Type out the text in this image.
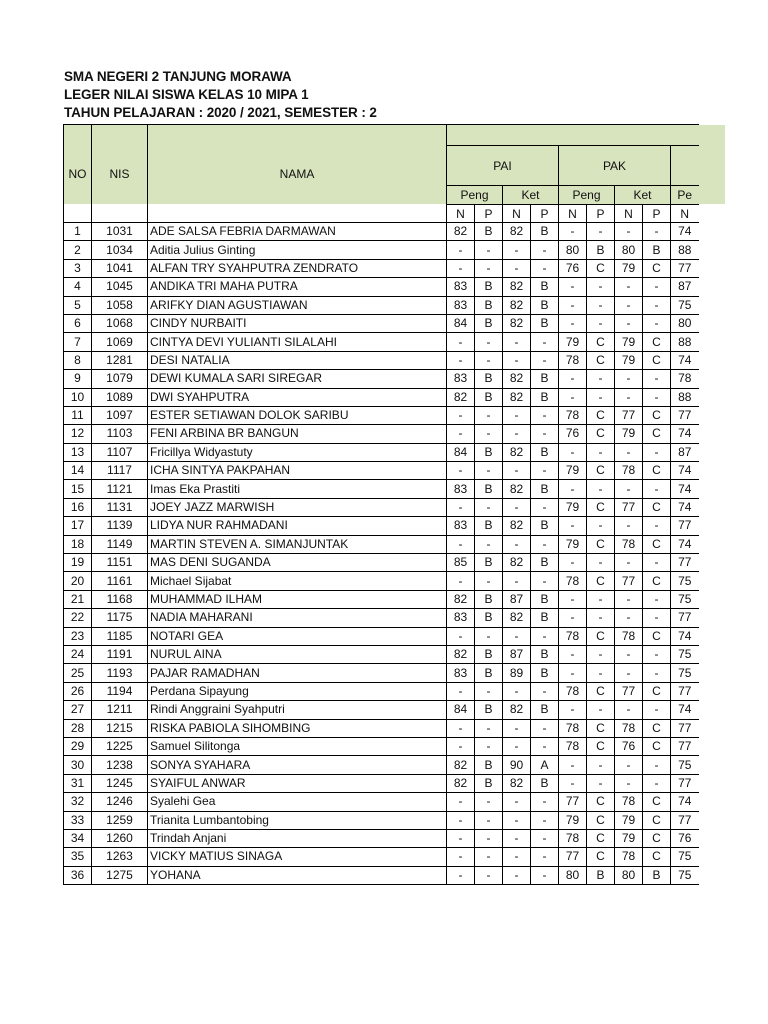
SMA NEGERI 2 TANJUNG MORAWA
LEGER NILAI SISWA KELAS 10 MIPA 1
TAHUN PELAJARAN : 2020 / 2021, SEMESTER : 2
NO	NIS	NAMA									
			PAI				PAK				
			Peng		Ket		Peng		Ket		Pe
			N	P	N	P	N	P	N	P	N
1	1031	ADE SALSA FEBRIA DARMAWAN	82	B	82	B	-	-	-	-	74
2	1034	Aditia Julius Ginting	-	-	-	-	80	B	80	B	88
3	1041	ALFAN TRY SYAHPUTRA ZENDRATO	-	-	-	-	76	C	79	C	77
4	1045	ANDIKA TRI MAHA PUTRA	83	B	82	B	-	-	-	-	87
5	1058	ARIFKY DIAN AGUSTIAWAN	83	B	82	B	-	-	-	-	75
6	1068	CINDY NURBAITI	84	B	82	B	-	-	-	-	80
7	1069	CINTYA DEVI YULIANTI SILALAHI	-	-	-	-	79	C	79	C	88
8	1281	DESI NATALIA	-	-	-	-	78	C	79	C	74
9	1079	DEWI KUMALA SARI SIREGAR	83	B	82	B	-	-	-	-	78
10	1089	DWI SYAHPUTRA	82	B	82	B	-	-	-	-	88
11	1097	ESTER SETIAWAN DOLOK SARIBU	-	-	-	-	78	C	77	C	77
12	1103	FENI ARBINA BR BANGUN	-	-	-	-	76	C	79	C	74
13	1107	Fricillya Widyastuty	84	B	82	B	-	-	-	-	87
14	1117	ICHA SINTYA PAKPAHAN	-	-	-	-	79	C	78	C	74
15	1121	Imas Eka Prastiti	83	B	82	B	-	-	-	-	74
16	1131	JOEY JAZZ MARWISH	-	-	-	-	79	C	77	C	74
17	1139	LIDYA NUR RAHMADANI	83	B	82	B	-	-	-	-	77
18	1149	MARTIN STEVEN A. SIMANJUNTAK	-	-	-	-	79	C	78	C	74
19	1151	MAS DENI SUGANDA	85	B	82	B	-	-	-	-	77
20	1161	Michael Sijabat	-	-	-	-	78	C	77	C	75
21	1168	MUHAMMAD ILHAM	82	B	87	B	-	-	-	-	75
22	1175	NADIA MAHARANI	83	B	82	B	-	-	-	-	77
23	1185	NOTARI GEA	-	-	-	-	78	C	78	C	74
24	1191	NURUL AINA	82	B	87	B	-	-	-	-	75
25	1193	PAJAR RAMADHAN	83	B	89	B	-	-	-	-	75
26	1194	Perdana Sipayung	-	-	-	-	78	C	77	C	77
27	1211	Rindi Anggraini Syahputri	84	B	82	B	-	-	-	-	74
28	1215	RISKA PABIOLA SIHOMBING	-	-	-	-	78	C	78	C	77
29	1225	Samuel Silitonga	-	-	-	-	78	C	76	C	77
30	1238	SONYA SYAHARA	82	B	90	A	-	-	-	-	75
31	1245	SYAIFUL ANWAR	82	B	82	B	-	-	-	-	77
32	1246	Syalehi Gea	-	-	-	-	77	C	78	C	74
33	1259	Trianita Lumbantobing	-	-	-	-	79	C	79	C	77
34	1260	Trindah Anjani	-	-	-	-	78	C	79	C	76
35	1263	VICKY MATIUS SINAGA	-	-	-	-	77	C	78	C	75
36	1275	YOHANA	-	-	-	-	80	B	80	B	75
